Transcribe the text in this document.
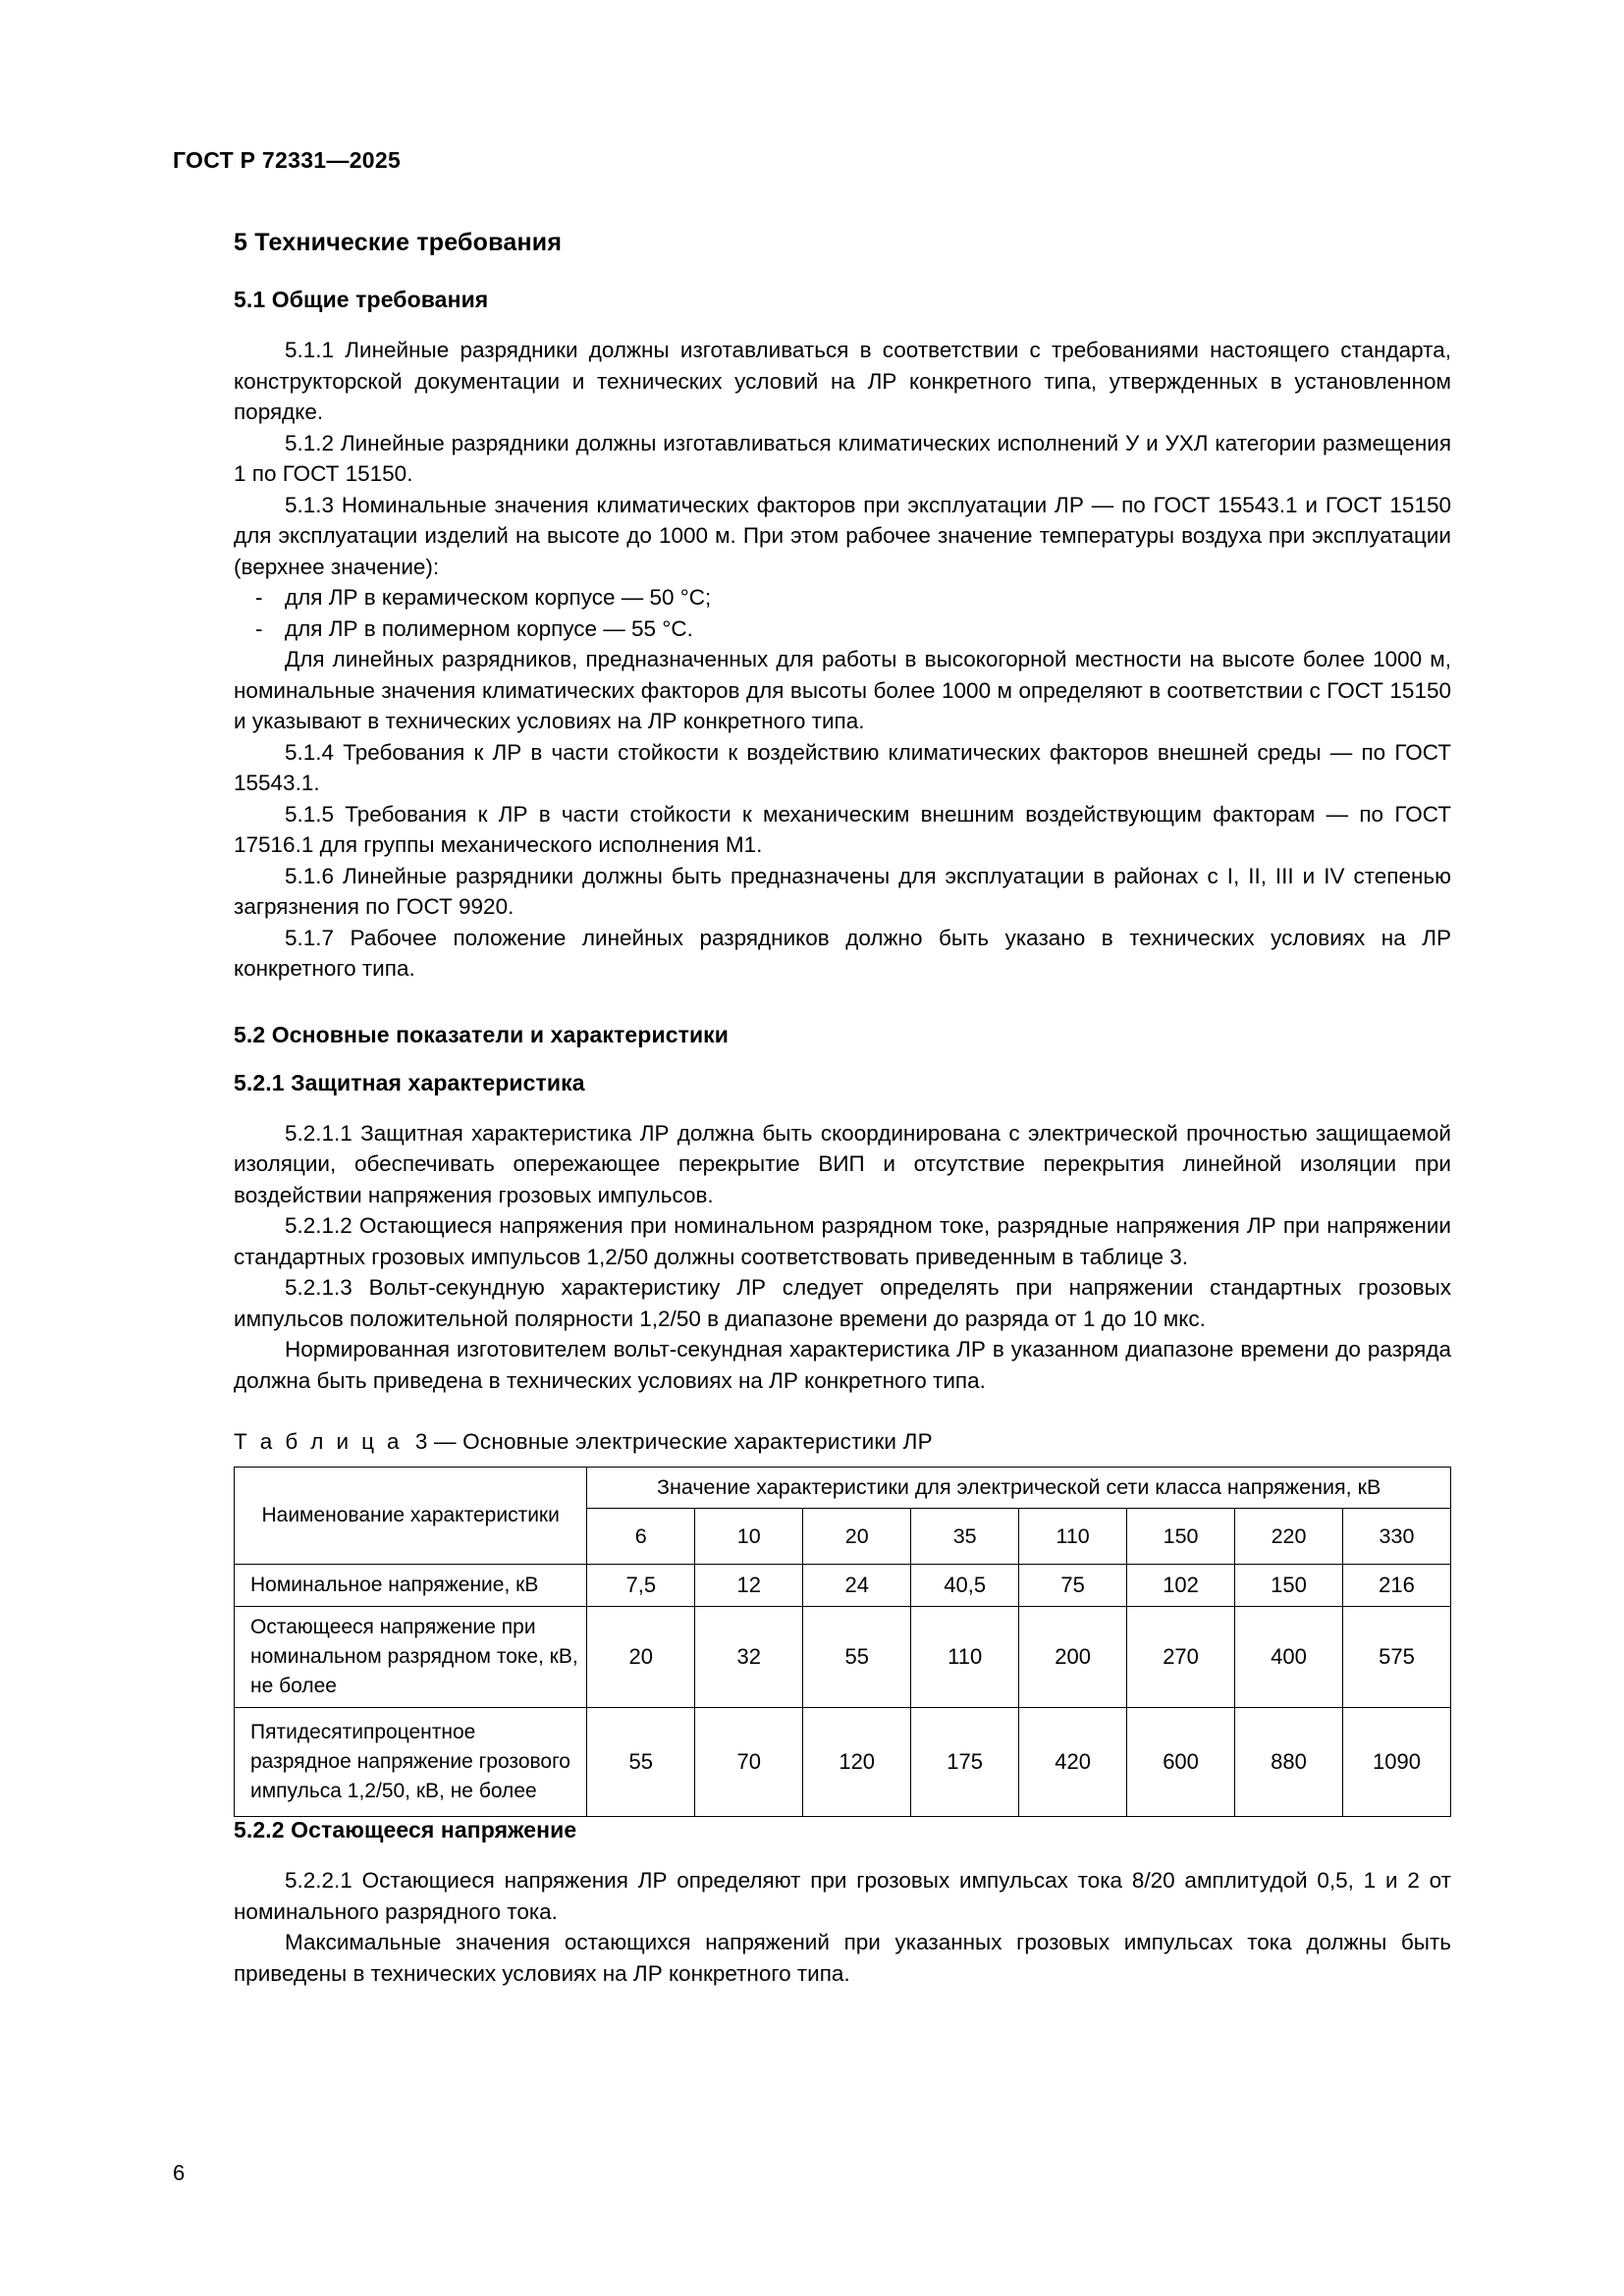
ГОСТ Р 72331—2025
5 Технические требования
5.1 Общие требования

5.1.1 Линейные разрядники должны изготавливаться в соответствии с требованиями настоящего стандарта, конструкторской документации и технических условий на ЛР конкретного типа, утвержденных в установленном порядке.

5.1.2 Линейные разрядники должны изготавливаться климатических исполнений У и УХЛ категории размещения 1 по ГОСТ 15150.

5.1.3 Номинальные значения климатических факторов при эксплуатации ЛР — по ГОСТ 15543.1 и ГОСТ 15150 для эксплуатации изделий на высоте до 1000 м. При этом рабочее значение температуры воздуха при эксплуатации (верхнее значение):

- для ЛР в керамическом корпусе — 50 °С;
- для ЛР в полимерном корпусе — 55 °С.

Для линейных разрядников, предназначенных для работы в высокогорной местности на высоте более 1000 м, номинальные значения климатических факторов для высоты более 1000 м определяют в соответствии с ГОСТ 15150 и указывают в технических условиях на ЛР конкретного типа.

5.1.4 Требования к ЛР в части стойкости к воздействию климатических факторов внешней среды — по ГОСТ 15543.1.

5.1.5 Требования к ЛР в части стойкости к механическим внешним воздействующим факторам — по ГОСТ 17516.1 для группы механического исполнения М1.

5.1.6 Линейные разрядники должны быть предназначены для эксплуатации в районах с I, II, III и IV степенью загрязнения по ГОСТ 9920.

5.1.7 Рабочее положение линейных разрядников должно быть указано в технических условиях на ЛР конкретного типа.

5.2 Основные показатели и характеристики
5.2.1 Защитная характеристика

5.2.1.1 Защитная характеристика ЛР должна быть скоординирована с электрической прочностью защищаемой изоляции, обеспечивать опережающее перекрытие ВИП и отсутствие перекрытия линейной изоляции при воздействии напряжения грозовых импульсов.

5.2.1.2 Остающиеся напряжения при номинальном разрядном токе, разрядные напряжения ЛР при напряжении стандартных грозовых импульсов 1,2/50 должны соответствовать приведенным в таблице 3.

5.2.1.3 Вольт-секундную характеристику ЛР следует определять при напряжении стандартных грозовых импульсов положительной полярности 1,2/50 в диапазоне времени до разряда от 1 до 10 мкс.

Нормированная изготовителем вольт-секундная характеристика ЛР в указанном диапазоне времени до разряда должна быть приведена в технических условиях на ЛР конкретного типа.

Т а б л и ц а 3 — Основные электрические характеристики ЛР
Наименование характеристики	Значение характеристики для электрической сети класса напряжения, кВ							
	6	10	20	35	110	150	220	330
Номинальное напряжение, кВ	7,5	12	24	40,5	75	102	150	216
Остающееся напряжение при номинальном разрядном токе, кВ, не более	20	32	55	110	200	270	400	575
Пятидесятипроцентное разрядное напряжение грозового импульса 1,2/50, кВ, не более	55	70	120	175	420	600	880	1090
5.2.2 Остающееся напряжение

5.2.2.1 Остающиеся напряжения ЛР определяют при грозовых импульсах тока 8/20 амплитудой 0,5, 1 и 2 от номинального разрядного тока.

Максимальные значения остающихся напряжений при указанных грозовых импульсах тока должны быть приведены в технических условиях на ЛР конкретного типа.

6
